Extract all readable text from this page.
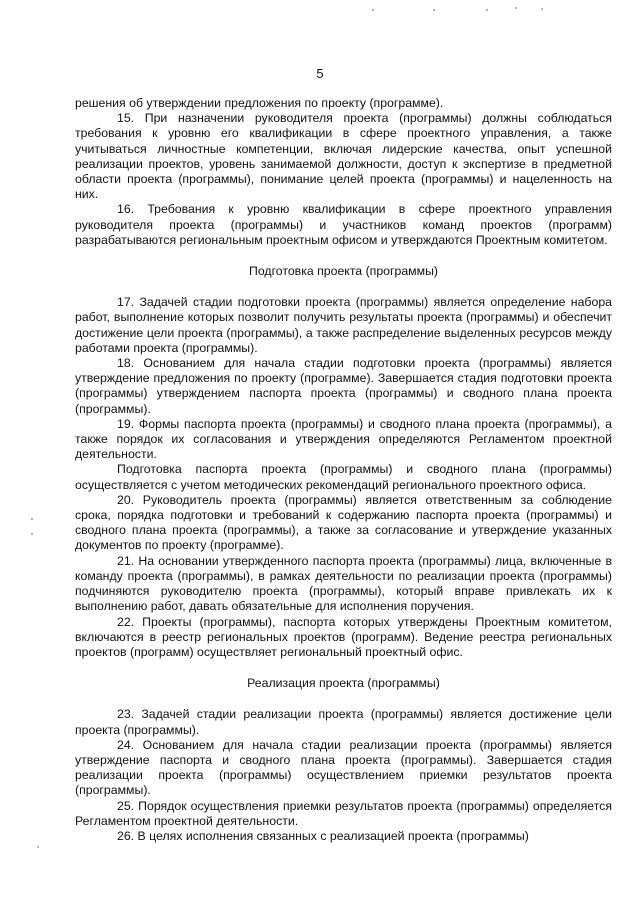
5

решения об утверждении предложения по проекту (программе).

15. При назначении руководителя проекта (программы) должны соблюдаться требования к уровню его квалификации в сфере проектного управления, а также учитываться личностные компетенции, включая лидерские качества, опыт успешной реализации проектов, уровень занимаемой должности, доступ к экспертизе в предметной области проекта (программы), понимание целей проекта (программы) и нацеленность на них.

16. Требования к уровню квалификации в сфере проектного управления руководителя проекта (программы) и участников команд проектов (программ) разрабатываются региональным проектным офисом и утверждаются Проектным комитетом.

Подготовка проекта (программы)

17. Задачей стадии подготовки проекта (программы) является определение набора работ, выполнение которых позволит получить результаты проекта (программы) и обеспечит достижение цели проекта (программы), а также распределение выделенных ресурсов между работами проекта (программы).

18. Основанием для начала стадии подготовки проекта (программы) является утверждение предложения по проекту (программе). Завершается стадия подготовки проекта (программы) утверждением паспорта проекта (программы) и сводного плана проекта (программы).

19. Формы паспорта проекта (программы) и сводного плана проекта (программы), а также порядок их согласования и утверждения определяются Регламентом проектной деятельности.

Подготовка паспорта проекта (программы) и сводного плана (программы) осуществляется с учетом методических рекомендаций регионального проектного офиса.

20. Руководитель проекта (программы) является ответственным за соблюдение срока, порядка подготовки и требований к содержанию паспорта проекта (программы) и сводного плана проекта (программы), а также за согласование и утверждение указанных документов по проекту (программе).

21. На основании утвержденного паспорта проекта (программы) лица, включенные в команду проекта (программы), в рамках деятельности по реализации проекта (программы) подчиняются руководителю проекта (программы), который вправе привлекать их к выполнению работ, давать обязательные для исполнения поручения.

22. Проекты (программы), паспорта которых утверждены Проектным комитетом, включаются в реестр региональных проектов (программ). Ведение реестра региональных проектов (программ) осуществляет региональный проектный офис.

Реализация проекта (программы)

23. Задачей стадии реализации проекта (программы) является достижение цели проекта (программы).

24. Основанием для начала стадии реализации проекта (программы) является утверждение паспорта и сводного плана проекта (программы). Завершается стадия реализации проекта (программы) осуществлением приемки результатов проекта (программы).

25. Порядок осуществления приемки результатов проекта (программы) определяется Регламентом проектной деятельности.

26. В целях исполнения связанных с реализацией проекта (программы)
